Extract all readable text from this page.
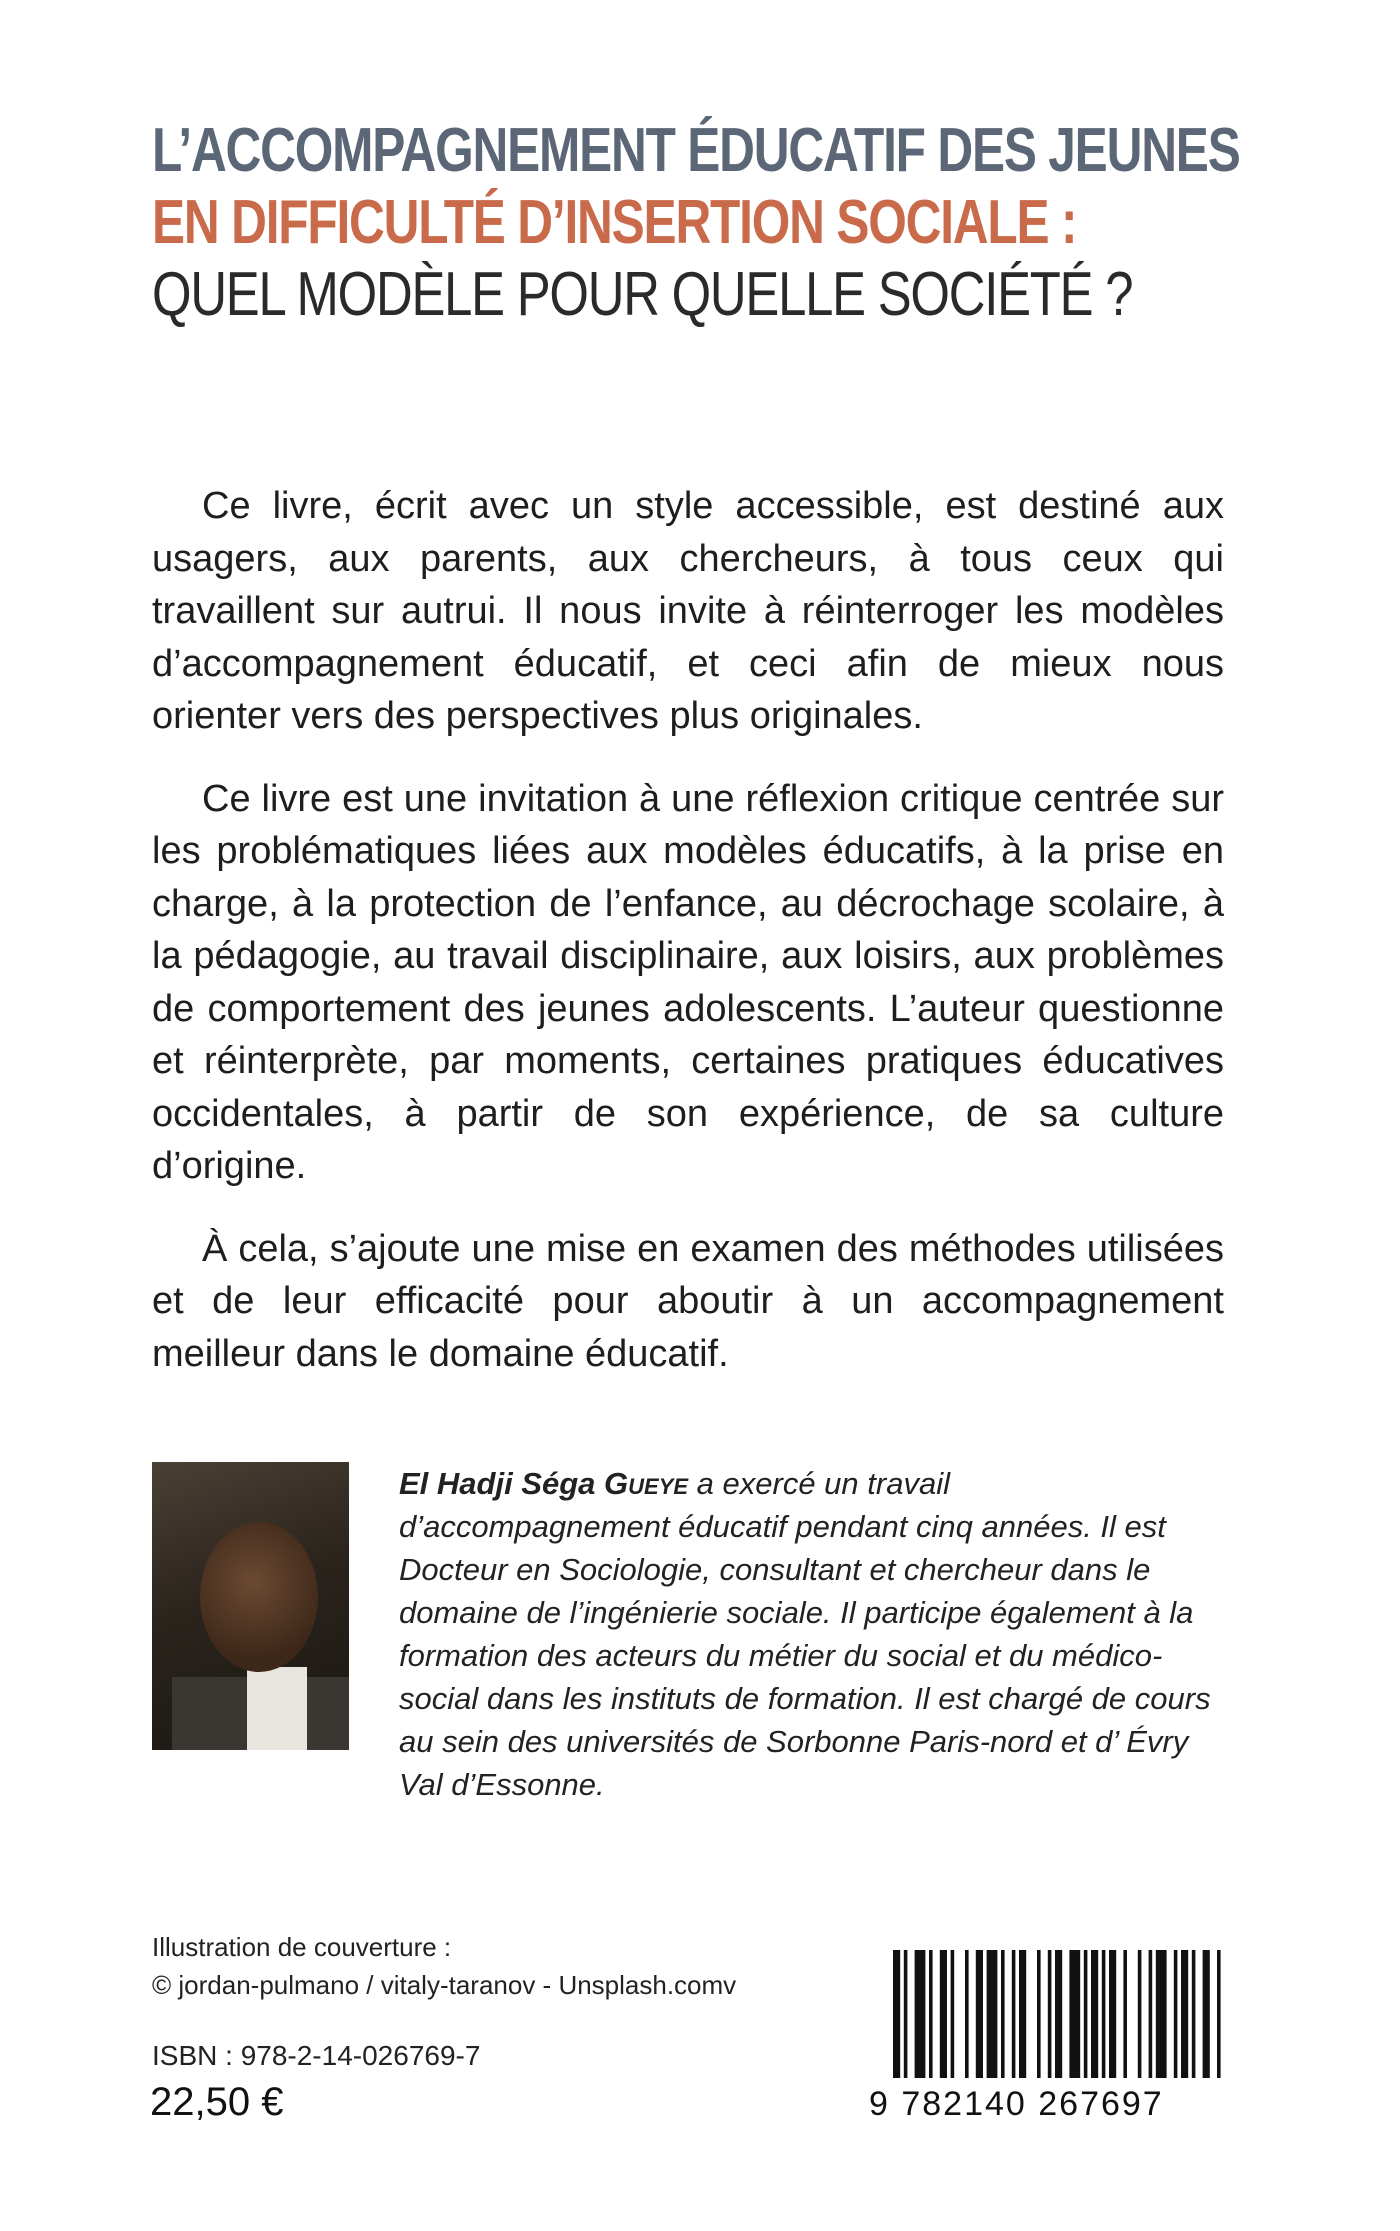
L’ACCOMPAGNEMENT ÉDUCATIF DES JEUNES
EN DIFFICULTÉ D’INSERTION SOCIALE :
QUEL MODÈLE POUR QUELLE SOCIÉTÉ ?

Ce livre, écrit avec un style accessible, est destiné aux usagers, aux parents, aux chercheurs, à tous ceux qui travaillent sur autrui. Il nous invite à réinterroger les modèles d’accompagnement éducatif, et ceci afin de mieux nous orienter vers des perspectives plus originales.

Ce livre est une invitation à une réflexion critique centrée sur les problématiques liées aux modèles éducatifs, à la prise en charge, à la protection de l’enfance, au décrochage scolaire, à la pédagogie, au travail disciplinaire, aux loisirs, aux problèmes de comportement des jeunes adolescents. L’auteur questionne et réinterprète, par moments, certaines pratiques éducatives occidentales, à partir de son expérience, de sa culture d’origine.

À cela, s’ajoute une mise en examen des méthodes utilisées et de leur efficacité pour aboutir à un accompagnement meilleur dans le domaine éducatif.

El Hadji Séga Gueye a exercé un travail d’accompagnement éducatif pendant cinq années. Il est Docteur en Sociologie, consultant et chercheur dans le domaine de l’ingénierie sociale. Il participe également à la formation des acteurs du métier du social et du médico-social dans les instituts de formation. Il est chargé de cours au sein des universités de Sorbonne Paris-nord et d’ Évry Val d’Essonne.
Illustration de couverture :
© jordan-pulmano / vitaly-taranov - Unsplash.comv
ISBN : 978-2-14-026769-7
22,50 €	9 782140 267697
